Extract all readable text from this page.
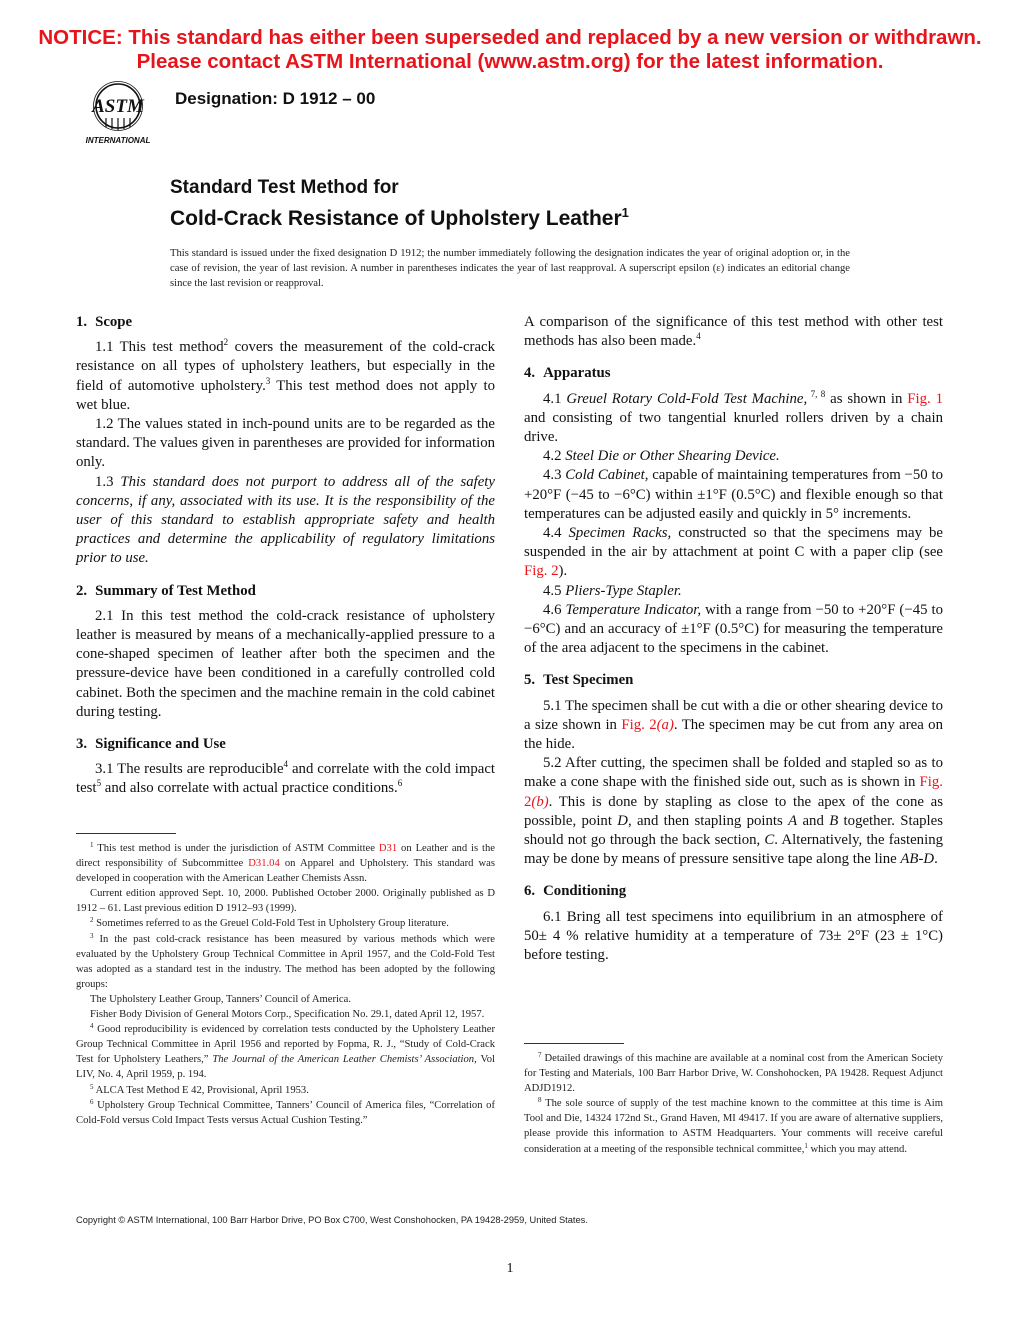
NOTICE: This standard has either been superseded and replaced by a new version or withdrawn.
Please contact ASTM International (www.astm.org) for the latest information.
ASTM
INTERNATIONAL
Designation: D 1912 – 00
Standard Test Method for
Cold-Crack Resistance of Upholstery Leather$^1$
This standard is issued under the fixed designation D 1912; the number immediately following the designation indicates the year of original adoption or, in the case of revision, the year of last revision. A number in parentheses indicates the year of last reapproval. A superscript epsilon (ε) indicates an editorial change since the last revision or reapproval.
1. Scope

1.1 This test method$^2$ covers the measurement of the cold-crack resistance on all types of upholstery leathers, but especially in the field of automotive upholstery.$^3$ This test method does not apply to wet blue.

1.2 The values stated in inch-pound units are to be regarded as the standard. The values given in parentheses are provided for information only.

1.3 This standard does not purport to address all of the safety concerns, if any, associated with its use. It is the responsibility of the user of this standard to establish appropriate safety and health practices and determine the applicability of regulatory limitations prior to use.

2. Summary of Test Method

2.1 In this test method the cold-crack resistance of upholstery leather is measured by means of a mechanically-applied pressure to a cone-shaped specimen of leather after both the specimen and the pressure-device have been conditioned in a carefully controlled cold cabinet. Both the specimen and the machine remain in the cold cabinet during testing.

3. Significance and Use

3.1 The results are reproducible$^4$ and correlate with the cold impact test$^5$ and also correlate with actual practice conditions.$^6$

$^1$ This test method is under the jurisdiction of ASTM Committee D31 on Leather and is the direct responsibility of Subcommittee D31.04 on Apparel and Upholstery. This standard was developed in cooperation with the American Leather Chemists Assn.

Current edition approved Sept. 10, 2000. Published October 2000. Originally published as D 1912 – 61. Last previous edition D 1912–93 (1999).

$^2$ Sometimes referred to as the Greuel Cold-Fold Test in Upholstery Group literature.

$^3$ In the past cold-crack resistance has been measured by various methods which were evaluated by the Upholstery Group Technical Committee in April 1957, and the Cold-Fold Test was adopted as a standard test in the industry. The method has been adopted by the following groups:

The Upholstery Leather Group, Tanners’ Council of America.

Fisher Body Division of General Motors Corp., Specification No. 29.1, dated April 12, 1957.

$^4$ Good reproducibility is evidenced by correlation tests conducted by the Upholstery Leather Group Technical Committee in April 1956 and reported by Fopma, R. J., “Study of Cold-Crack Test for Upholstery Leathers,” The Journal of the American Leather Chemists’ Association, Vol LIV, No. 4, April 1959, p. 194.

$^5$ ALCA Test Method E 42, Provisional, April 1953.

$^6$ Upholstery Group Technical Committee, Tanners’ Council of America files, “Correlation of Cold-Fold versus Cold Impact Tests versus Actual Cushion Testing.”

A comparison of the significance of this test method with other test methods has also been made.$^4$

4. Apparatus

4.1 Greuel Rotary Cold-Fold Test Machine, $^{7, 8}$ as shown in Fig. 1 and consisting of two tangential knurled rollers driven by a chain drive.

4.2 Steel Die or Other Shearing Device.

4.3 Cold Cabinet, capable of maintaining temperatures from −50 to +20°F (−45 to −6°C) within ±1°F (0.5°C) and flexible enough so that temperatures can be adjusted easily and quickly in 5° increments.

4.4 Specimen Racks, constructed so that the specimens may be suspended in the air by attachment at point C with a paper clip (see Fig. 2).

4.5 Pliers-Type Stapler.

4.6 Temperature Indicator, with a range from −50 to +20°F (−45 to −6°C) and an accuracy of ±1°F (0.5°C) for measuring the temperature of the area adjacent to the specimens in the cabinet.

5. Test Specimen

5.1 The specimen shall be cut with a die or other shearing device to a size shown in Fig. 2(a). The specimen may be cut from any area on the hide.

5.2 After cutting, the specimen shall be folded and stapled so as to make a cone shape with the finished side out, such as is shown in Fig. 2(b). This is done by stapling as close to the apex of the cone as possible, point D, and then stapling points A and B together. Staples should not go through the back section, C. Alternatively, the fastening may be done by means of pressure sensitive tape along the line AB-D.

6. Conditioning

6.1 Bring all test specimens into equilibrium in an atmosphere of 50± 4 % relative humidity at a temperature of 73± 2°F (23 ± 1°C) before testing.

$^7$ Detailed drawings of this machine are available at a nominal cost from the American Society for Testing and Materials, 100 Barr Harbor Drive, W. Conshohocken, PA 19428. Request Adjunct ADJD1912.

$^8$ The sole source of supply of the test machine known to the committee at this time is Aim Tool and Die, 14324 172nd St., Grand Haven, MI 49417. If you are aware of alternative suppliers, please provide this information to ASTM Headquarters. Your comments will receive careful consideration at a meeting of the responsible technical committee,$^1$ which you may attend.

Copyright © ASTM International, 100 Barr Harbor Drive, PO Box C700, West Conshohocken, PA 19428-2959, United States.
1
